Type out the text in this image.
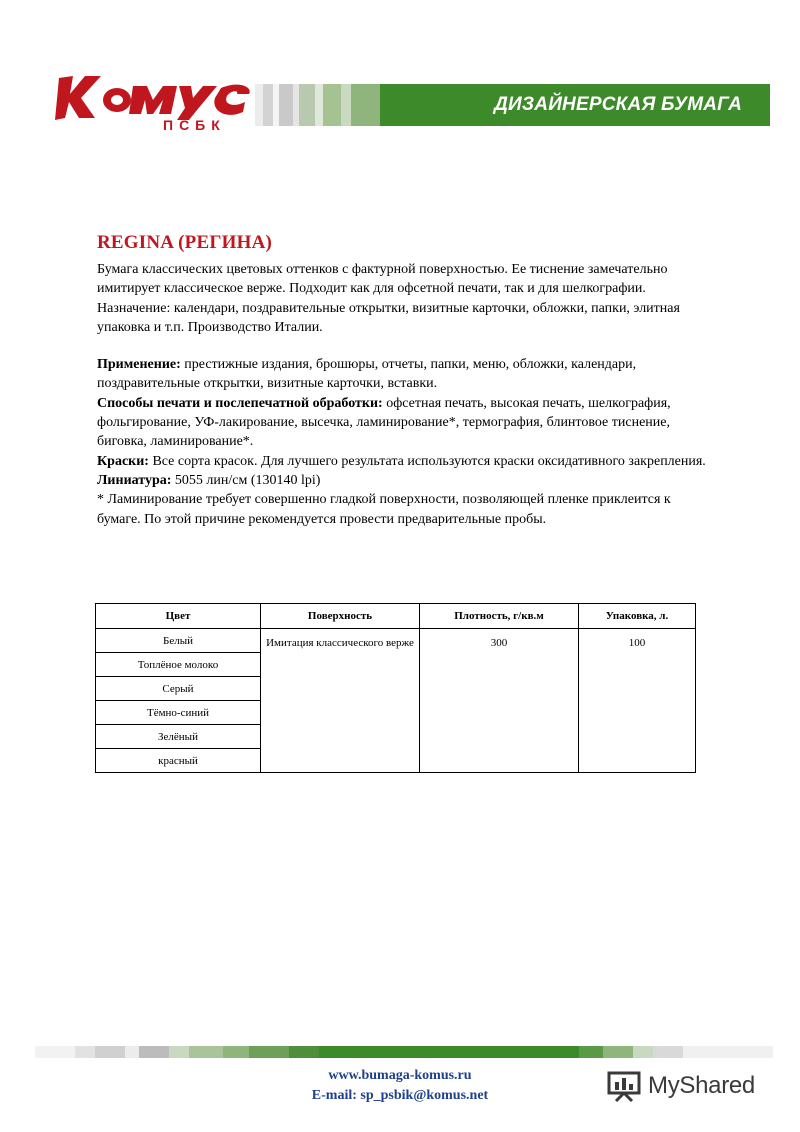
ПСБК
ДИЗАЙНЕРСКАЯ БУМАГА
REGINA (РЕГИНА)

Бумага классических цветовых оттенков с фактурной поверхностью. Ее тиснение замечательно имитирует классическое верже. Подходит как для офсетной печати, так и для шелкографии. Назначение: календари, поздравительные открытки, визитные карточки, обложки, папки, элитная упаковка и т.п. Производство Италии.

Применение: престижные издания, брошюры, отчеты, папки, меню, обложки, календари, поздравительные открытки, визитные карточки, вставки.

Способы печати и послепечатной обработки: офсетная печать, высокая печать, шелкография, фольгирование, УФ-лакирование, высечка, ламинирование*, термография, блинтовое тиснение, биговка, ламинирование*.

Краски: Все сорта красок. Для лучшего результата используются краски оксидативного закрепления.

Линиатура: 5055 лин/см (130140 lpi)

* Ламинирование требует совершенно гладкой поверхности, позволяющей пленке приклеится к бумаге. По этой причине рекомендуется провести предварительные пробы.

Цвет	Поверхность	Плотность, г/кв.м	Упаковка, л.
Белый	Имитация классического верже	300	100
Топлёное молоко			
Серый			
Тёмно-синий			
Зелёный			
красный			
www.bumaga-komus.ru
E-mail: sp_psbik@komus.net	MyShared
